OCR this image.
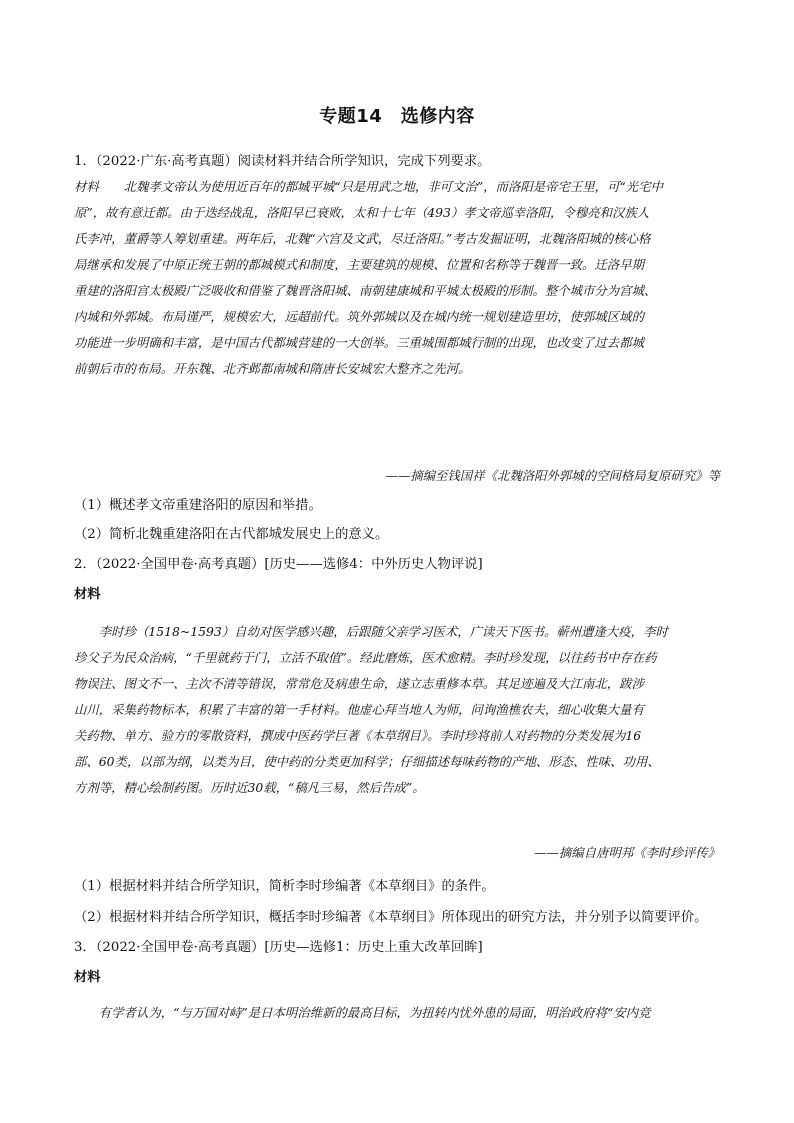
专题14　选修内容
1．（2022·广东·高考真题）阅读材料并结合所学知识，完成下列要求。
材料　　北魏孝文帝认为使用近百年的都城平城“只是用武之地，非可文治”，而洛阳是帝宅王里，可“光宅中
原”，故有意迁都。由于迭经战乱，洛阳早已衰败，太和十七年（493）孝文帝巡幸洛阳，令穆亮和汉族人
氏李冲，董爵等人筹划重建。两年后，北魏“六宫及文武，尽迁洛阳。”考古发掘证明，北魏洛阳城的核心格
局继承和发展了中原正统王朝的都城模式和制度，主要建筑的规模、位置和名称等于魏晋一致。迁洛早期
重建的洛阳宫太极殿广泛吸收和借鉴了魏晋洛阳城、南朝建康城和平城太极殿的形制。整个城市分为宫城、
内城和外郭城。布局谨严，规模宏大，远超前代。筑外郭城以及在城内统一规划建造里坊，使郭城区域的
功能进一步明确和丰富，是中国古代都城营建的一大创举。三重城围都城行制的出现，也改变了过去都城
前朝后市的布局。开东魏、北齐邺都南城和隋唐长安城宏大整齐之先河。
——摘编至钱国祥《北魏洛阳外郭城的空间格局复原研究》等
（1）概述孝文帝重建洛阳的原因和举措。
（2）简析北魏重建洛阳在古代都城发展史上的意义。
2．（2022·全国甲卷·高考真题）[历史——选修4：中外历史人物评说]
材料
　　李时珍（1518~1593）自幼对医学感兴趣，后跟随父亲学习医术，广读天下医书。蕲州遭逢大疫，李时
珍父子为民众治病，“千里就药于门，立活不取值”。经此磨炼，医术愈精。李时珍发现，以往药书中存在药
物误注、图文不一、主次不清等错误，常常危及病患生命，遂立志重修本草。其足迹遍及大江南北，跋涉
山川，采集药物标本，积累了丰富的第一手材料。他虚心拜当地人为师，问询渔樵农夫，细心收集大量有
关药物、单方、验方的零散资料，撰成中医药学巨著《本草纲目》。李时珍将前人对药物的分类发展为16
部、60类，以部为纲，以类为目，使中药的分类更加科学；仔细描述每味药物的产地、形态、性味、功用、
方剂等，精心绘制药图。历时近30载，“稿凡三易，然后告成”。
——摘编自唐明邦《李时珍评传》
（1）根据材料并结合所学知识，简析李时珍编著《本草纲目》的条件。
（2）根据材料并结合所学知识，概括李时珍编著《本草纲目》所体现出的研究方法，并分别予以简要评价。
3．（2022·全国甲卷·高考真题）[历史—选修1：历史上重大改革回眸]
材料
　　有学者认为，“与万国对峙”是日本明治维新的最高目标，为扭转内忧外患的局面，明治政府将“安内竞
